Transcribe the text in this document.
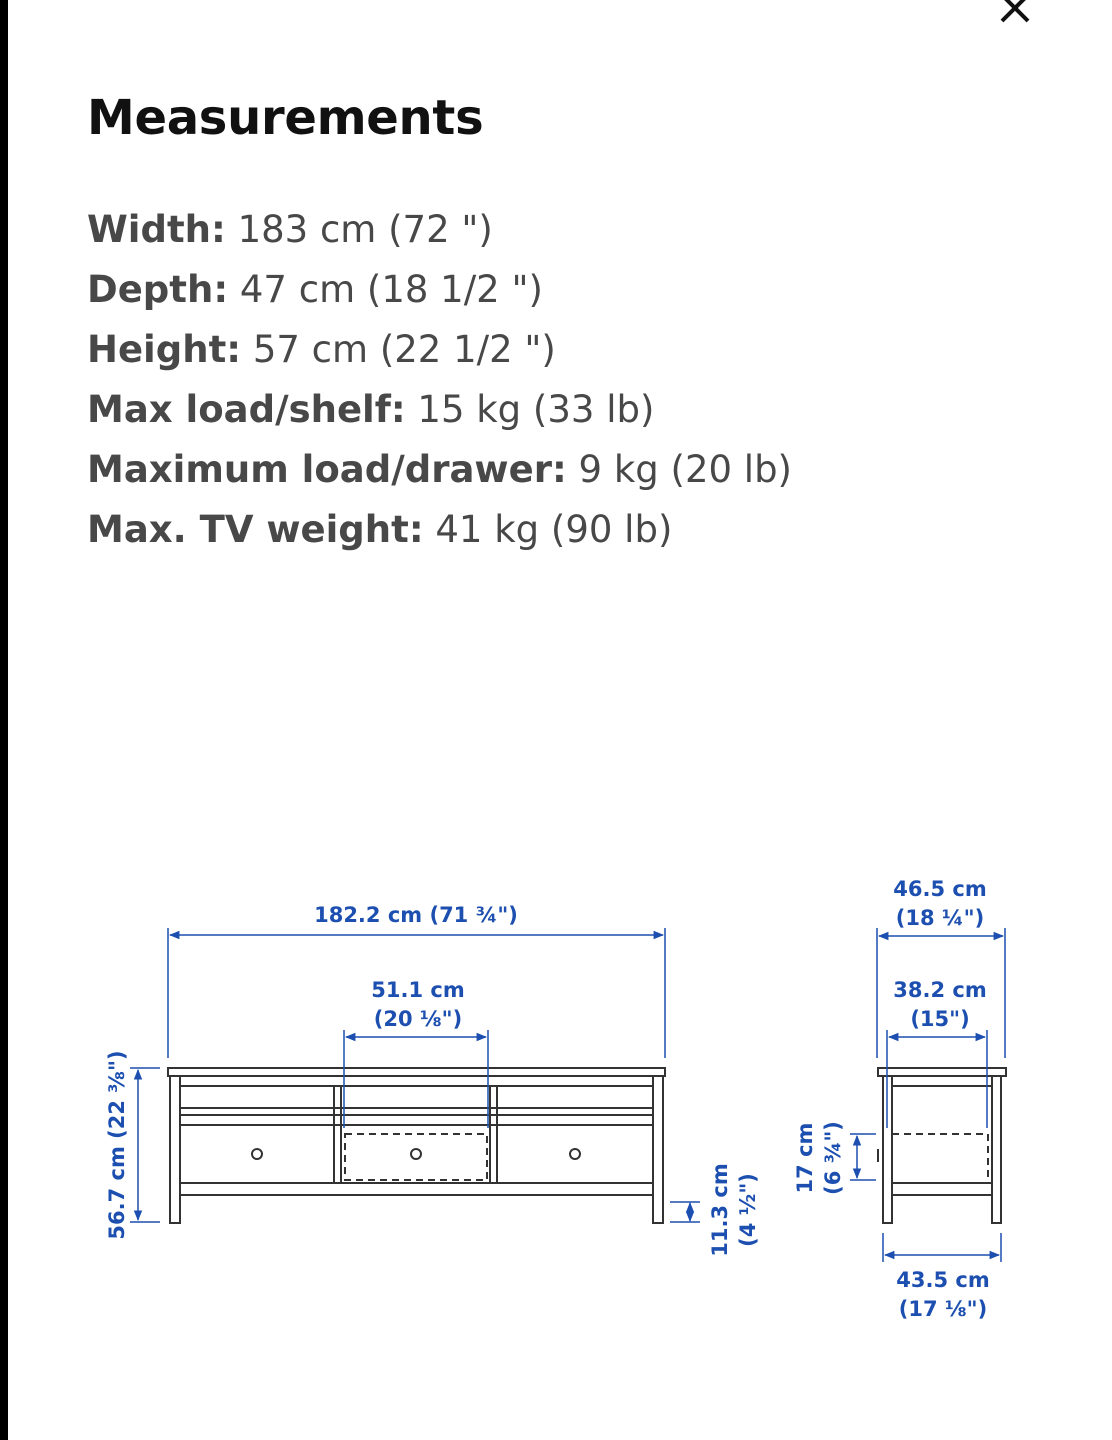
Measurements
Width: 183 cm (72 ")
Depth: 47 cm (18 1/2 ")
Height: 57 cm (22 1/2 ")
Max load/shelf: 15 kg (33 lb)
Maximum load/drawer: 9 kg (20 lb)
Max. TV weight: 41 kg (90 lb)
182.2 cm (71 ¾")
51.1 cm
(20 ⅛")
56.7 cm (22 ⅜")	11.3 cm (4 ½")
46.5 cm
(18 ¼")
38.2 cm
(15")
17 cm (6 ¾")
43.5 cm
(17 ⅛")
